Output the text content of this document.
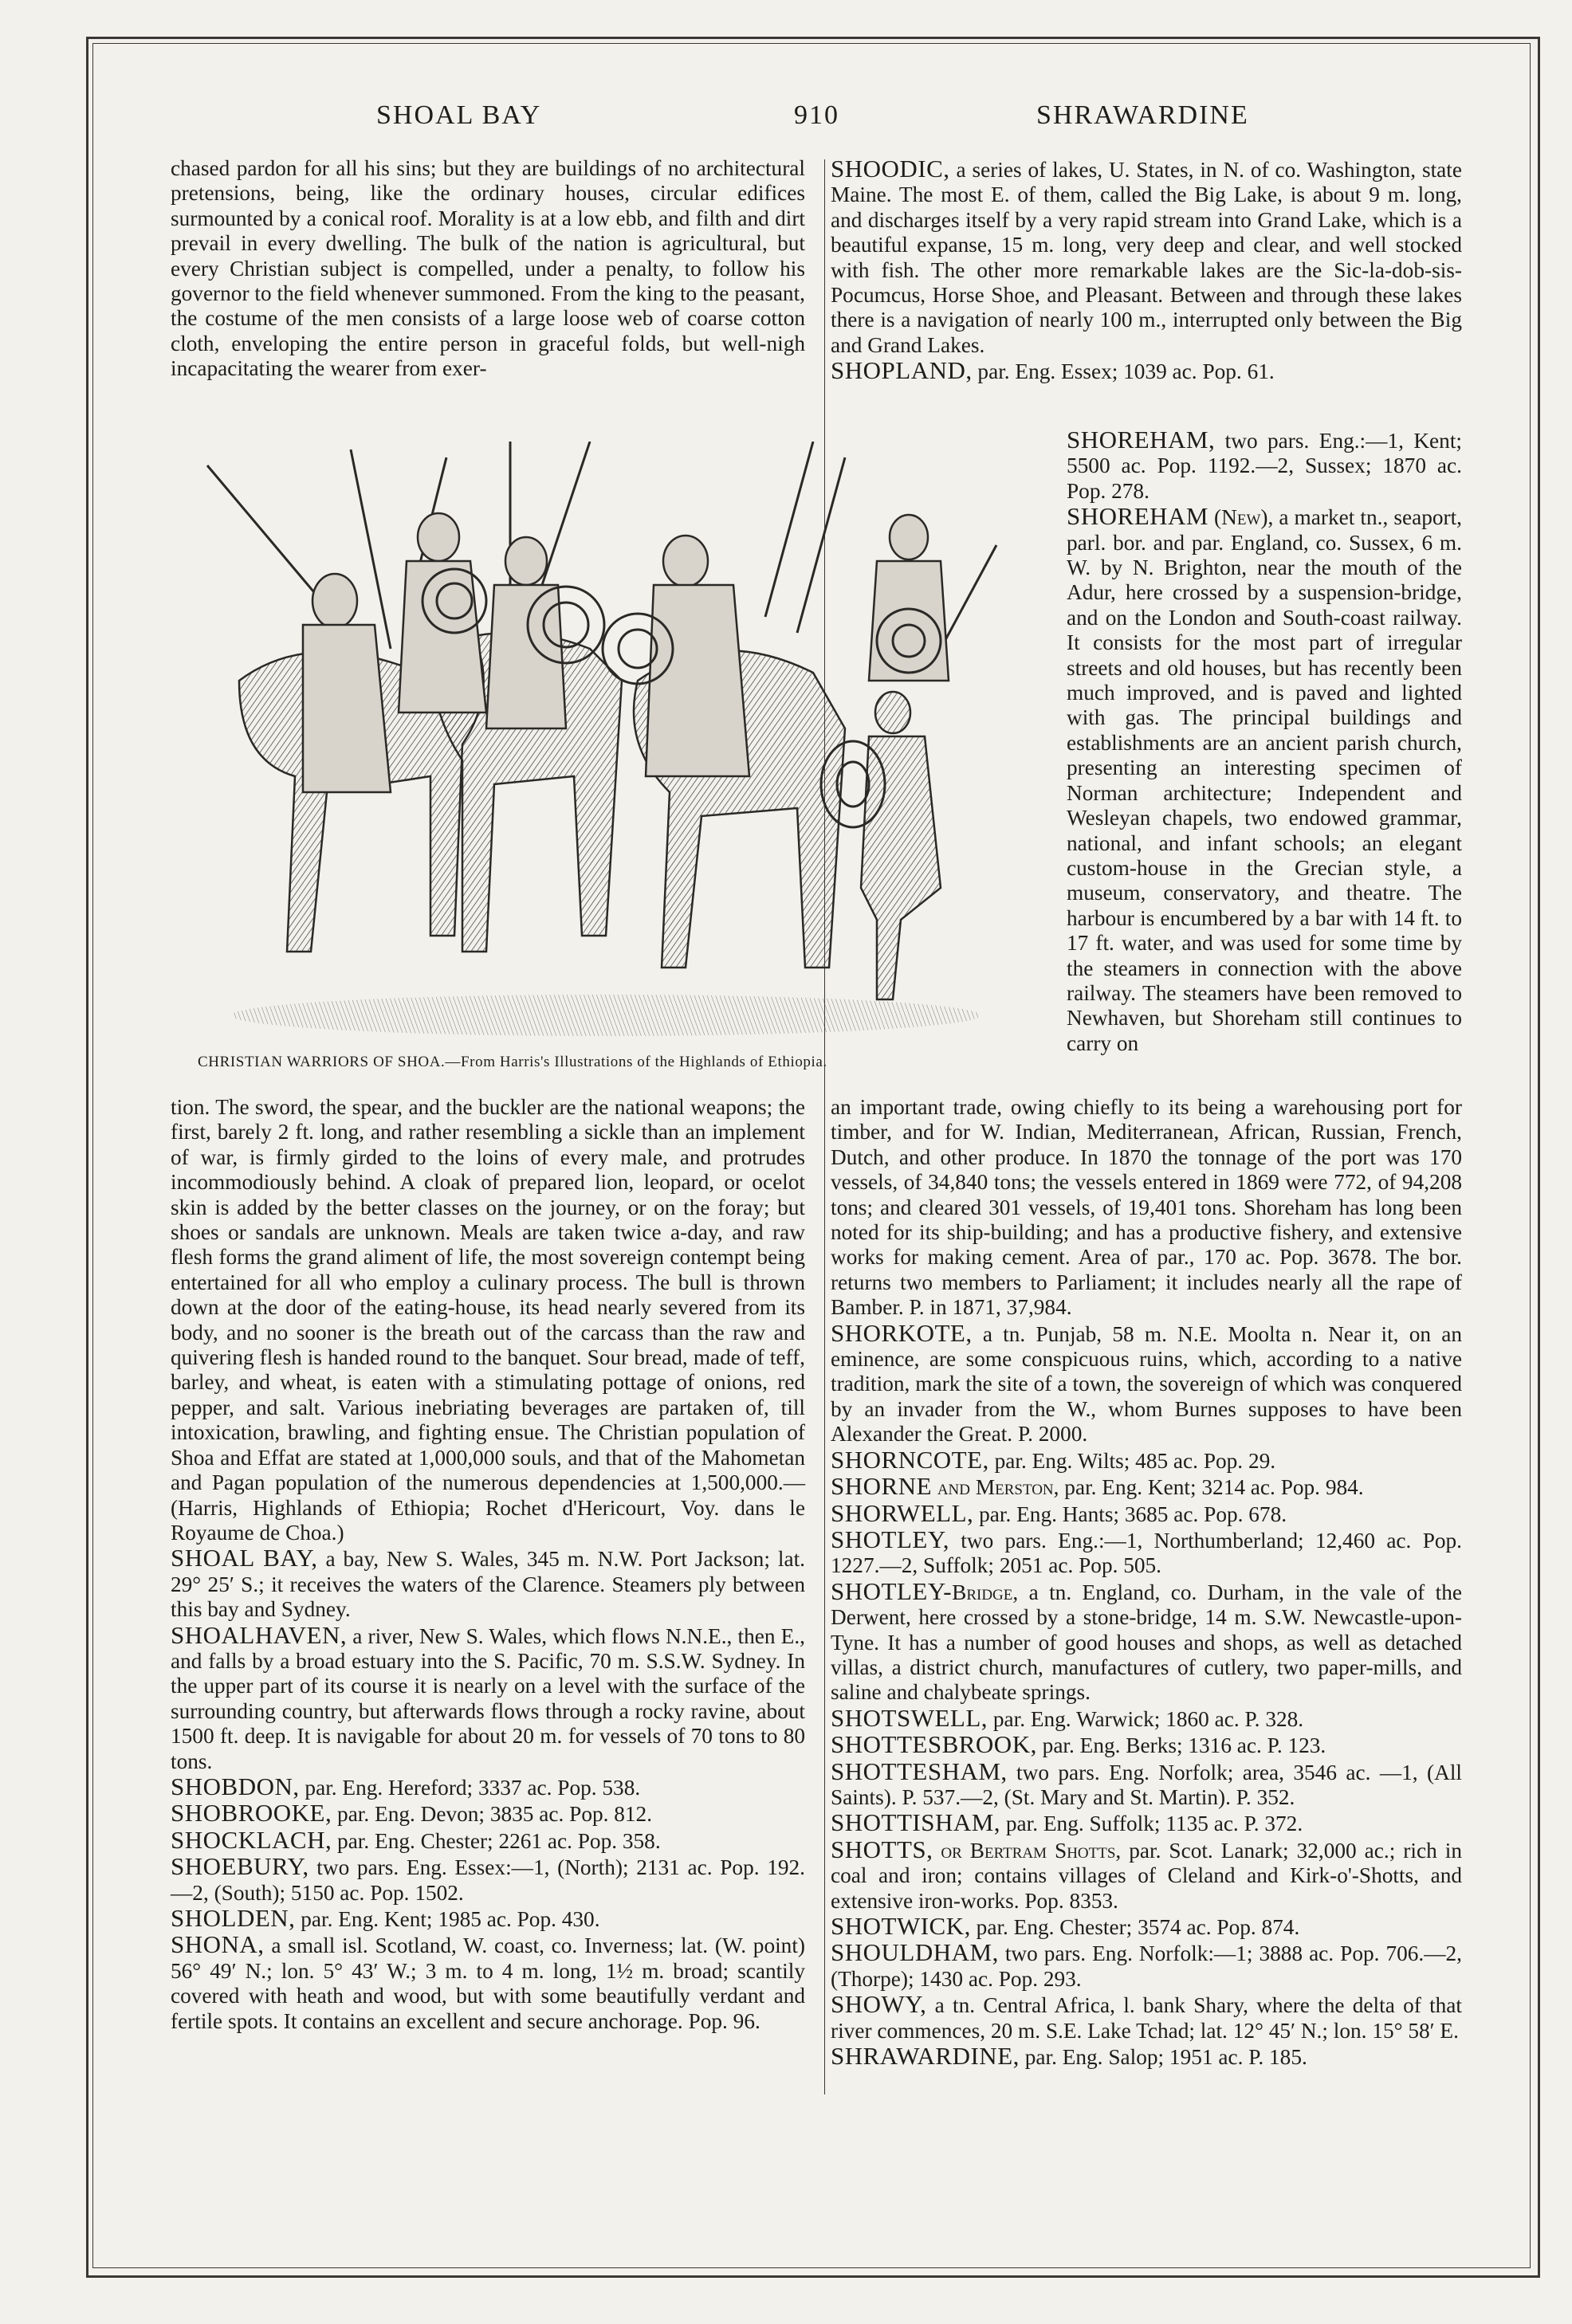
SHOAL BAY	910	SHRAWARDINE

chased pardon for all his sins; but they are buildings of no architectural pretensions, being, like the ordinary houses, circular edifices surmounted by a conical roof. Morality is at a low ebb, and filth and dirt prevail in every dwelling. The bulk of the nation is agricultural, but every Christian subject is compelled, under a penalty, to follow his governor to the field whenever summoned. From the king to the peasant, the costume of the men consists of a large loose web of coarse cotton cloth, enveloping the entire person in graceful folds, but well-nigh incapacitating the wearer from exer-

CHRISTIAN WARRIORS OF SHOA.—From Harris's Illustrations of the Highlands of Ethiopia.

SHOODIC, a series of lakes, U. States, in N. of co. Washington, state Maine. The most E. of them, called the Big Lake, is about 9 m. long, and discharges itself by a very rapid stream into Grand Lake, which is a beautiful expanse, 15 m. long, very deep and clear, and well stocked with fish. The other more remarkable lakes are the Sic-la-dob-sis-Pocumcus, Horse Shoe, and Pleasant. Between and through these lakes there is a navigation of nearly 100 m., interrupted only between the Big and Grand Lakes.

SHOPLAND, par. Eng. Essex; 1039 ac. Pop. 61.

SHOREHAM, two pars. Eng.:—1, Kent; 5500 ac. Pop. 1192.—2, Sussex; 1870 ac. Pop. 278.

SHOREHAM (New), a market tn., seaport, parl. bor. and par. England, co. Sussex, 6 m. W. by N. Brighton, near the mouth of the Adur, here crossed by a suspension-bridge, and on the London and South-coast railway. It consists for the most part of irregular streets and old houses, but has recently been much improved, and is paved and lighted with gas. The principal buildings and establishments are an ancient parish church, presenting an interesting specimen of Norman architecture; Independent and Wesleyan chapels, two endowed grammar, national, and infant schools; an elegant custom-house in the Grecian style, a museum, conservatory, and theatre. The harbour is encumbered by a bar with 14 ft. to 17 ft. water, and was used for some time by the steamers in connection with the above railway. The steamers have been removed to Newhaven, but Shoreham still continues to carry on

tion. The sword, the spear, and the buckler are the national weapons; the first, barely 2 ft. long, and rather resembling a sickle than an implement of war, is firmly girded to the loins of every male, and protrudes incommodiously behind. A cloak of prepared lion, leopard, or ocelot skin is added by the better classes on the journey, or on the foray; but shoes or sandals are unknown. Meals are taken twice a-day, and raw flesh forms the grand aliment of life, the most sovereign contempt being entertained for all who employ a culinary process. The bull is thrown down at the door of the eating-house, its head nearly severed from its body, and no sooner is the breath out of the carcass than the raw and quivering flesh is handed round to the banquet. Sour bread, made of teff, barley, and wheat, is eaten with a stimulating pottage of onions, red pepper, and salt. Various inebriating beverages are partaken of, till intoxication, brawling, and fighting ensue. The Christian population of Shoa and Effat are stated at 1,000,000 souls, and that of the Mahometan and Pagan population of the numerous dependencies at 1,500,000.—(Harris, Highlands of Ethiopia; Rochet d'Hericourt, Voy. dans le Royaume de Choa.)

SHOAL BAY, a bay, New S. Wales, 345 m. N.W. Port Jackson; lat. 29° 25′ S.; it receives the waters of the Clarence. Steamers ply between this bay and Sydney.

SHOALHAVEN, a river, New S. Wales, which flows N.N.E., then E., and falls by a broad estuary into the S. Pacific, 70 m. S.S.W. Sydney. In the upper part of its course it is nearly on a level with the surface of the surrounding country, but afterwards flows through a rocky ravine, about 1500 ft. deep. It is navigable for about 20 m. for vessels of 70 tons to 80 tons.

SHOBDON, par. Eng. Hereford; 3337 ac. Pop. 538.

SHOBROOKE, par. Eng. Devon; 3835 ac. Pop. 812.

SHOCKLACH, par. Eng. Chester; 2261 ac. Pop. 358.

SHOEBURY, two pars. Eng. Essex:—1, (North); 2131 ac. Pop. 192.—2, (South); 5150 ac. Pop. 1502.

SHOLDEN, par. Eng. Kent; 1985 ac. Pop. 430.

SHONA, a small isl. Scotland, W. coast, co. Inverness; lat. (W. point) 56° 49′ N.; lon. 5° 43′ W.; 3 m. to 4 m. long, 1½ m. broad; scantily covered with heath and wood, but with some beautifully verdant and fertile spots. It contains an excellent and secure anchorage. Pop. 96.

an important trade, owing chiefly to its being a warehousing port for timber, and for W. Indian, Mediterranean, African, Russian, French, Dutch, and other produce. In 1870 the tonnage of the port was 170 vessels, of 34,840 tons; the vessels entered in 1869 were 772, of 94,208 tons; and cleared 301 vessels, of 19,401 tons. Shoreham has long been noted for its ship-building; and has a productive fishery, and extensive works for making cement. Area of par., 170 ac. Pop. 3678. The bor. returns two members to Parliament; it includes nearly all the rape of Bamber. P. in 1871, 37,984.

SHORKOTE, a tn. Punjab, 58 m. N.E. Moolta n. Near it, on an eminence, are some conspicuous ruins, which, according to a native tradition, mark the site of a town, the sovereign of which was conquered by an invader from the W., whom Burnes supposes to have been Alexander the Great. P. 2000.

SHORNCOTE, par. Eng. Wilts; 485 ac. Pop. 29.

SHORNE and Merston, par. Eng. Kent; 3214 ac. Pop. 984.

SHORWELL, par. Eng. Hants; 3685 ac. Pop. 678.

SHOTLEY, two pars. Eng.:—1, Northumberland; 12,460 ac. Pop. 1227.—2, Suffolk; 2051 ac. Pop. 505.

SHOTLEY-Bridge, a tn. England, co. Durham, in the vale of the Derwent, here crossed by a stone-bridge, 14 m. S.W. Newcastle-upon-Tyne. It has a number of good houses and shops, as well as detached villas, a district church, manufactures of cutlery, two paper-mills, and saline and chalybeate springs.

SHOTSWELL, par. Eng. Warwick; 1860 ac. P. 328.

SHOTTESBROOK, par. Eng. Berks; 1316 ac. P. 123.

SHOTTESHAM, two pars. Eng. Norfolk; area, 3546 ac. —1, (All Saints). P. 537.—2, (St. Mary and St. Martin). P. 352.

SHOTTISHAM, par. Eng. Suffolk; 1135 ac. P. 372.

SHOTTS, or Bertram Shotts, par. Scot. Lanark; 32,000 ac.; rich in coal and iron; contains villages of Cleland and Kirk-o'-Shotts, and extensive iron-works. Pop. 8353.

SHOTWICK, par. Eng. Chester; 3574 ac. Pop. 874.

SHOULDHAM, two pars. Eng. Norfolk:—1; 3888 ac. Pop. 706.—2, (Thorpe); 1430 ac. Pop. 293.

SHOWY, a tn. Central Africa, l. bank Shary, where the delta of that river commences, 20 m. S.E. Lake Tchad; lat. 12° 45′ N.; lon. 15° 58′ E.

SHRAWARDINE, par. Eng. Salop; 1951 ac. P. 185.
